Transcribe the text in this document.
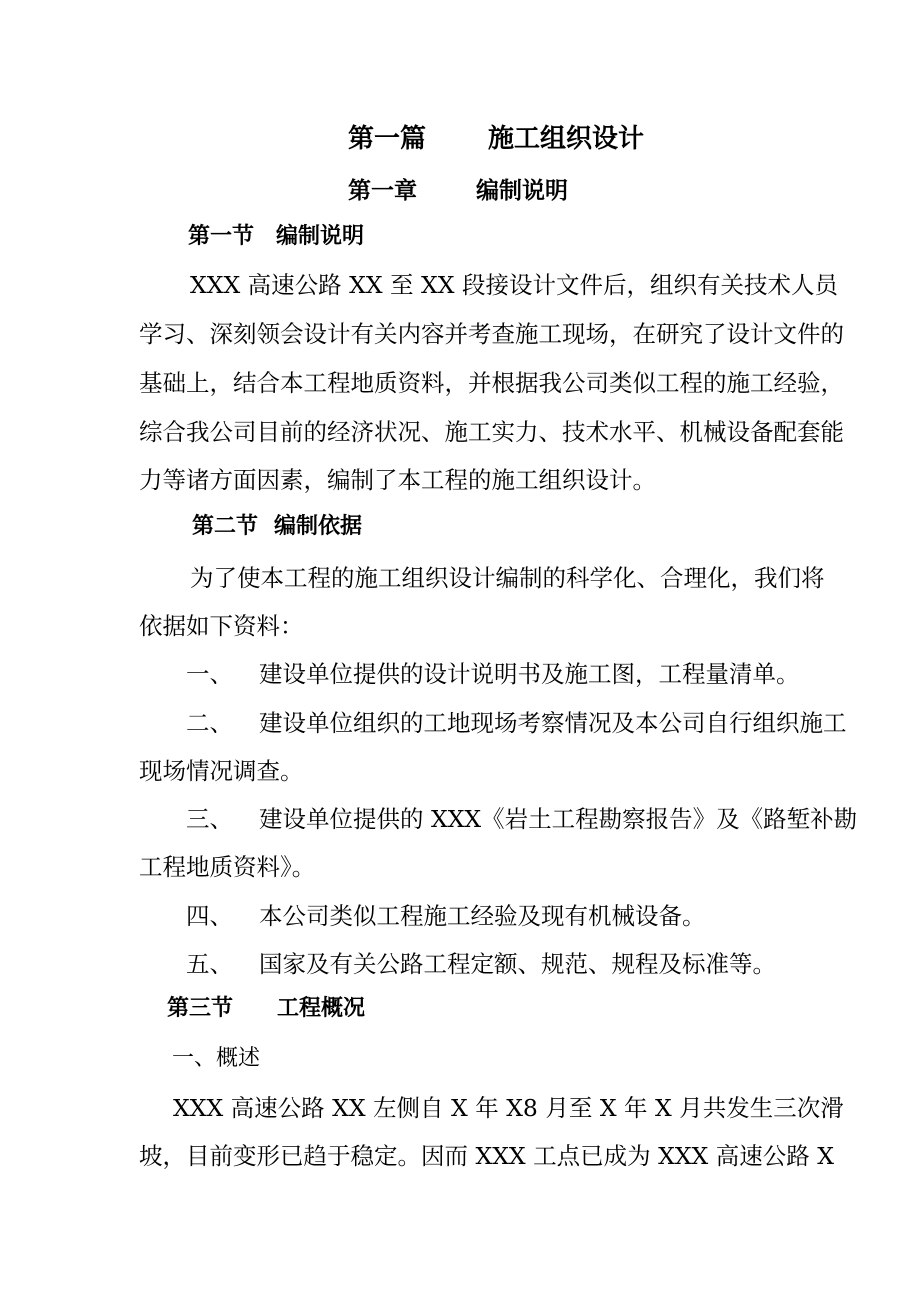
第一篇 施工组织设计
第一章	编制说明
第一节 编制说明
XXX 高速公路 XX 至 XX 段接设计文件后，组织有关技术人员
学习、深刻领会设计有关内容并考查施工现场，在研究了设计文件的
基础上，结合本工程地质资料，并根据我公司类似工程的施工经验，
综合我公司目前的经济状况、施工实力、技术水平、机械设备配套能
力等诸方面因素，编制了本工程的施工组织设计。
第二节 编制依据
为了使本工程的施工组织设计编制的科学化、合理化，我们将
依据如下资料：
一、 建设单位提供的设计说明书及施工图，工程量清单。
二、 建设单位组织的工地现场考察情况及本公司自行组织施工
现场情况调查。
三、 建设单位提供的 XXX《岩土工程勘察报告》及《路堑补勘
工程地质资料》。
四、 本公司类似工程施工经验及现有机械设备。
五、 国家及有关公路工程定额、规范、规程及标准等。
第三节 工程概况
一、概述
XXX 高速公路 XX 左侧自 X 年 X8 月至 X 年 X 月共发生三次滑
坡，目前变形已趋于稳定。因而 XXX 工点已成为 XXX 高速公路 X
